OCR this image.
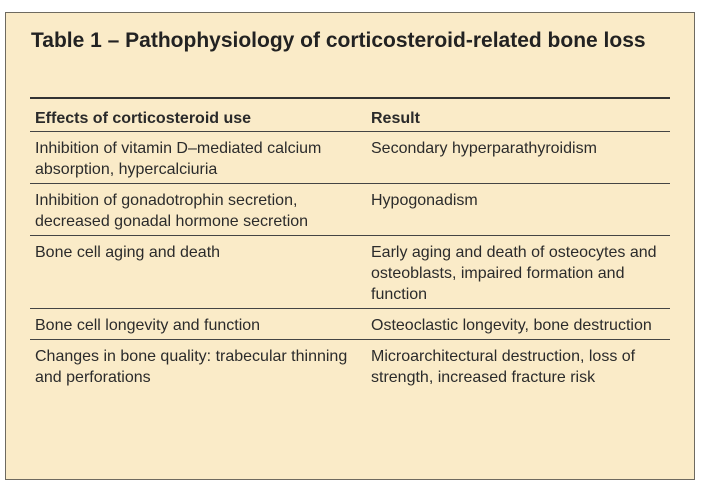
Table 1 – Pathophysiology of corticosteroid-related bone loss
Effects of corticosteroid use	Result
Inhibition of vitamin D–mediated calcium absorption, hypercalciuria	Secondary hyperparathyroidism
Inhibition of gonadotrophin secretion, decreased gonadal hormone secretion	Hypogonadism
Bone cell aging and death	Early aging and death of osteocytes and osteoblasts, impaired formation and function
Bone cell longevity and function	Osteoclastic longevity, bone destruction
Changes in bone quality: trabecular thinning and perforations	Microarchitectural destruction, loss of strength, increased fracture risk
